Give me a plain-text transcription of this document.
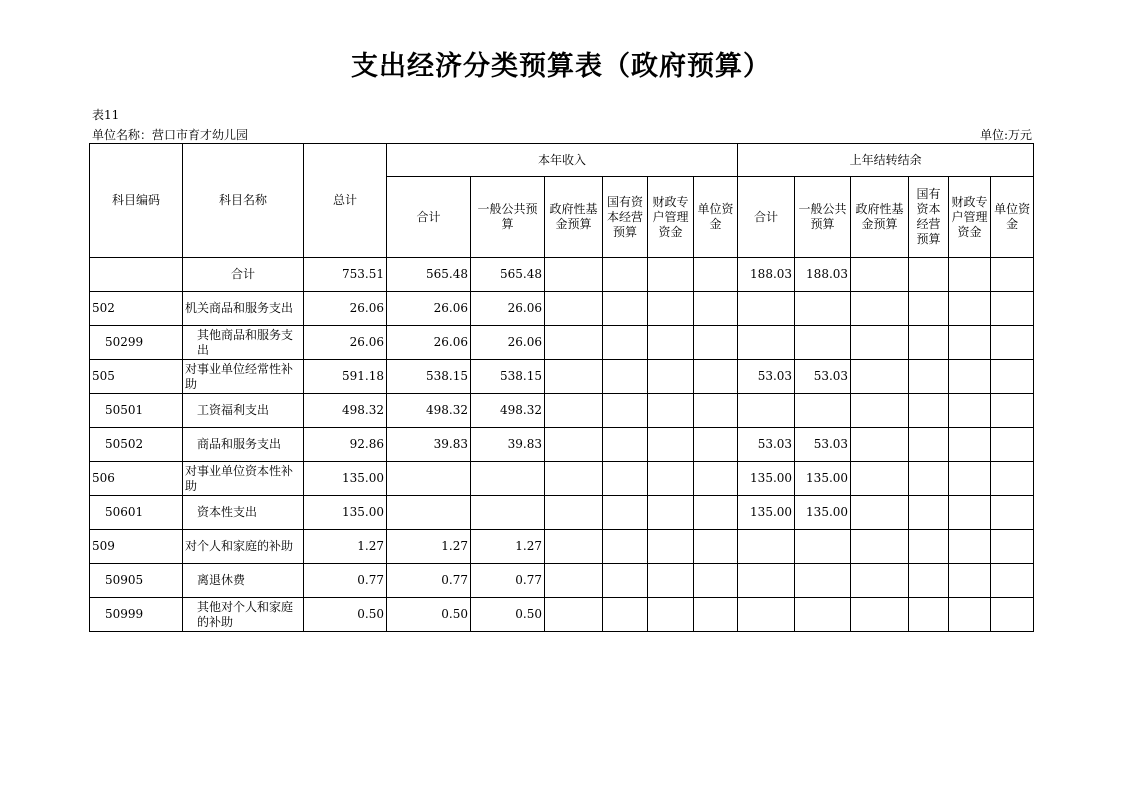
支出经济分类预算表（政府预算）
表11
单位名称：营口市育才幼儿园	单位:万元
科目编码	科目名称	总计	本年收入						上年结转结余					
			合计	一般公共预算	政府性基金预算	国有资本经营预算	财政专户管理资金	单位资金	合计	一般公共预算	政府性基金预算	国有资本经营预算	财政专户管理资金	单位资金
	合计	753.51	565.48	565.48					188.03	188.03				
502	机关商品和服务支出	26.06	26.06	26.06										
50299	其他商品和服务支出	26.06	26.06	26.06										
505	对事业单位经常性补助	591.18	538.15	538.15					53.03	53.03				
50501	工资福利支出	498.32	498.32	498.32										
50502	商品和服务支出	92.86	39.83	39.83					53.03	53.03				
506	对事业单位资本性补助	135.00							135.00	135.00				
50601	资本性支出	135.00							135.00	135.00				
509	对个人和家庭的补助	1.27	1.27	1.27										
50905	离退休费	0.77	0.77	0.77										
50999	其他对个人和家庭的补助	0.50	0.50	0.50										
